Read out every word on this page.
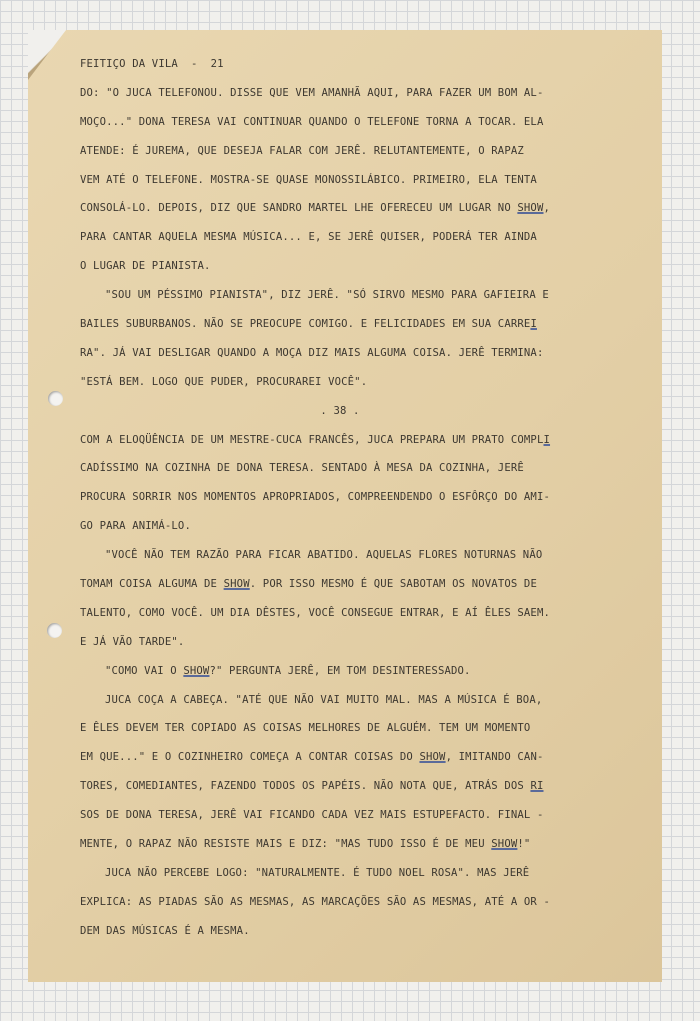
FEITIÇO DA VILA - 21
DO: "O JUCA TELEFONOU. DISSE QUE VEM AMANHÃ AQUI, PARA FAZER UM BOM AL-
MOÇO..." DONA TERESA VAI CONTINUAR QUANDO O TELEFONE TORNA A TOCAR. ELA
ATENDE: É JUREMA, QUE DESEJA FALAR COM JERÊ. RELUTANTEMENTE, O RAPAZ
VEM ATÉ O TELEFONE. MOSTRA-SE QUASE MONOSSILÁBICO. PRIMEIRO, ELA TENTA
CONSOLÁ-LO. DEPOIS, DIZ QUE SANDRO MARTEL LHE OFERECEU UM LUGAR NO SHOW,
PARA CANTAR AQUELA MESMA MÚSICA... E, SE JERÊ QUISER, PODERÁ TER AINDA
O LUGAR DE PIANISTA.
"SOU UM PÉSSIMO PIANISTA", DIZ JERÊ. "SÓ SIRVO MESMO PARA GAFIEIRA E
BAILES SUBURBANOS. NÃO SE PREOCUPE COMIGO. E FELICIDADES EM SUA CARREI
RA". JÁ VAI DESLIGAR QUANDO A MOÇA DIZ MAIS ALGUMA COISA. JERÊ TERMINA:
"ESTÁ BEM. LOGO QUE PUDER, PROCURAREI VOCÊ".
. 38 .
COM A ELOQÜÊNCIA DE UM MESTRE-CUCA FRANCÊS, JUCA PREPARA UM PRATO COMPLI
CADÍSSIMO NA COZINHA DE DONA TERESA. SENTADO À MESA DA COZINHA, JERÊ
PROCURA SORRIR NOS MOMENTOS APROPRIADOS, COMPREENDENDO O ESFÔRÇO DO AMI-
GO PARA ANIMÁ-LO.
"VOCÊ NÃO TEM RAZÃO PARA FICAR ABATIDO. AQUELAS FLORES NOTURNAS NÃO
TOMAM COISA ALGUMA DE SHOW. POR ISSO MESMO É QUE SABOTAM OS NOVATOS DE
TALENTO, COMO VOCÊ. UM DIA DÊSTES, VOCÊ CONSEGUE ENTRAR, E AÍ ÊLES SAEM.
E JÁ VÃO TARDE".
"COMO VAI O SHOW?" PERGUNTA JERÊ, EM TOM DESINTERESSADO.
JUCA COÇA A CABEÇA. "ATÉ QUE NÃO VAI MUITO MAL. MAS A MÚSICA É BOA,
E ÊLES DEVEM TER COPIADO AS COISAS MELHORES DE ALGUÉM. TEM UM MOMENTO
EM QUE..." E O COZINHEIRO COMEÇA A CONTAR COISAS DO SHOW, IMITANDO CAN-
TORES, COMEDIANTES, FAZENDO TODOS OS PAPÉIS. NÃO NOTA QUE, ATRÁS DOS RI
SOS DE DONA TERESA, JERÊ VAI FICANDO CADA VEZ MAIS ESTUPEFACTO. FINAL -
MENTE, O RAPAZ NÃO RESISTE MAIS E DIZ: "MAS TUDO ISSO É DE MEU SHOW!"
JUCA NÃO PERCEBE LOGO: "NATURALMENTE. É TUDO NOEL ROSA". MAS JERÊ
EXPLICA: AS PIADAS SÃO AS MESMAS, AS MARCAÇÕES SÃO AS MESMAS, ATÉ A OR -
DEM DAS MÚSICAS É A MESMA.
